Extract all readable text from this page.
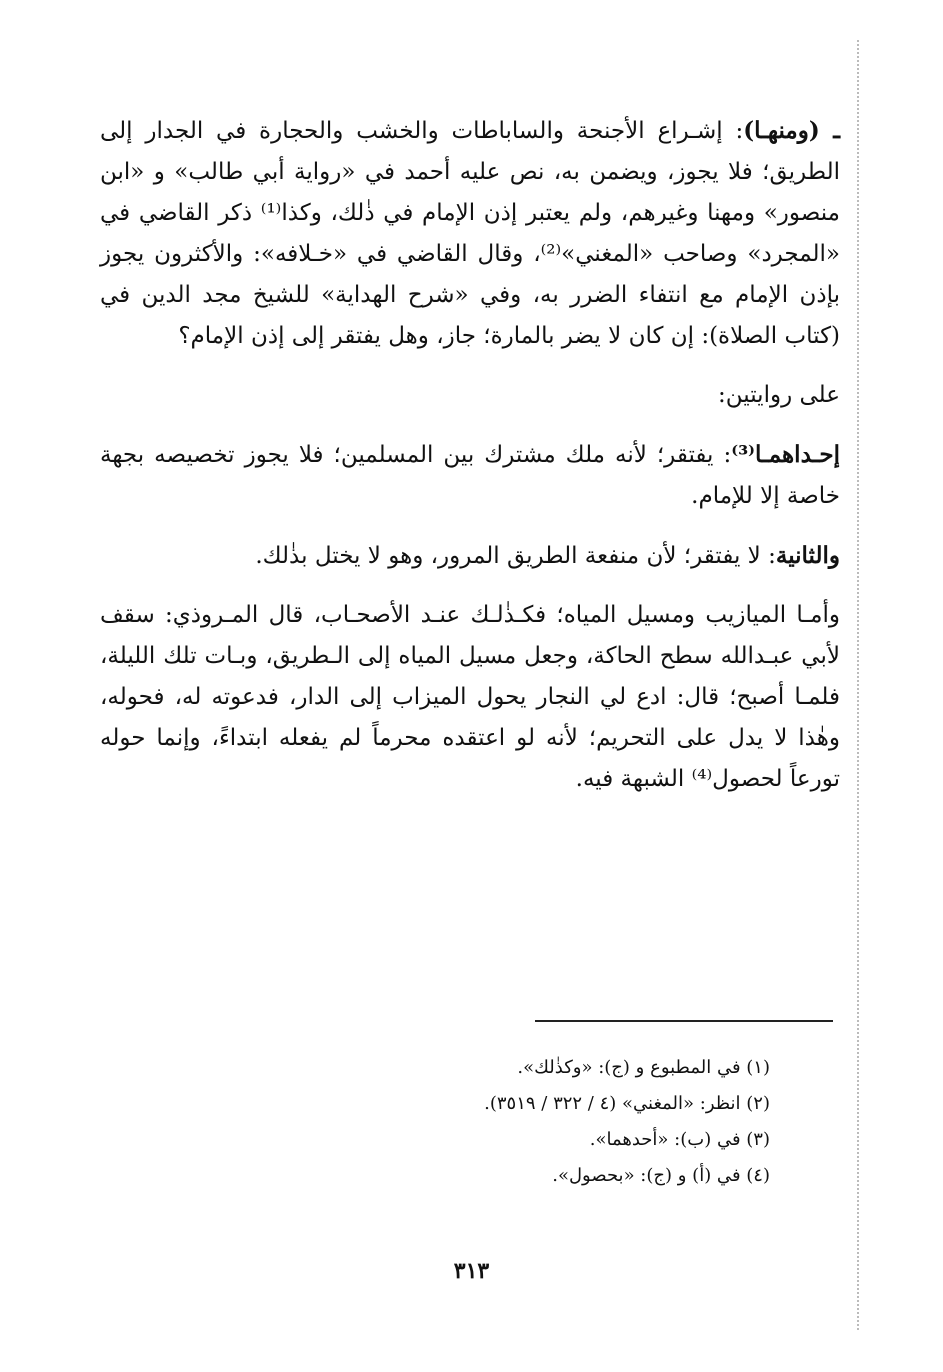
ـ (ومنهـا): إشـراع الأجنحة والساباطات والخشب والحجارة في الجدار إلى الطريق؛ فلا يجوز، ويضمن به، نص عليه أحمد في «رواية أبي طالب» و «ابن منصور» ومهنا وغيرهم، ولم يعتبر إذن الإمام في ذٰلك، وكذا⁽¹⁾ ذكر القاضي في «المجرد» وصاحب «المغني»⁽²⁾، وقال القاضي في «خـلافه»: والأكثرون يجوز بإذن الإمام مع انتفاء الضرر به، وفي «شرح الهداية» للشيخ مجد الدين في (كتاب الصلاة): إن كان لا يضر بالمارة؛ جاز، وهل يفتقر إلى إذن الإمام؟

على روايتين:

إحـداهمـا⁽³⁾: يفتقر؛ لأنه ملك مشترك بين المسلمين؛ فلا يجوز تخصيصه بجهة خاصة إلا للإمام.

والثانية: لا يفتقر؛ لأن منفعة الطريق المرور، وهو لا يختل بذٰلك.

وأمـا الميازيب ومسيل المياه؛ فكـذٰلـك عنـد الأصحـاب، قال المـروذي: سقف لأبي عبـدالله سطح الحاكة، وجعل مسيل المياه إلى الـطريق، وبـات تلك الليلة، فلمـا أصبح؛ قال: ادع لي النجار يحول الميزاب إلى الدار، فدعوته له، فحوله، وهٰذا لا يدل على التحريم؛ لأنه لو اعتقده محرماً لم يفعله ابتداءً، وإنما حوله تورعاً لحصول⁽⁴⁾ الشبهة فيه.

(١) في المطبوع و (ج): «وكذٰلك».

(٢) انظر: «المغني» (٤ / ٣٢٢ / ٣٥١٩).

(٣) في (ب): «أحدهما».

(٤) في (أ) و (ج): «بحصول».

٣١٣
